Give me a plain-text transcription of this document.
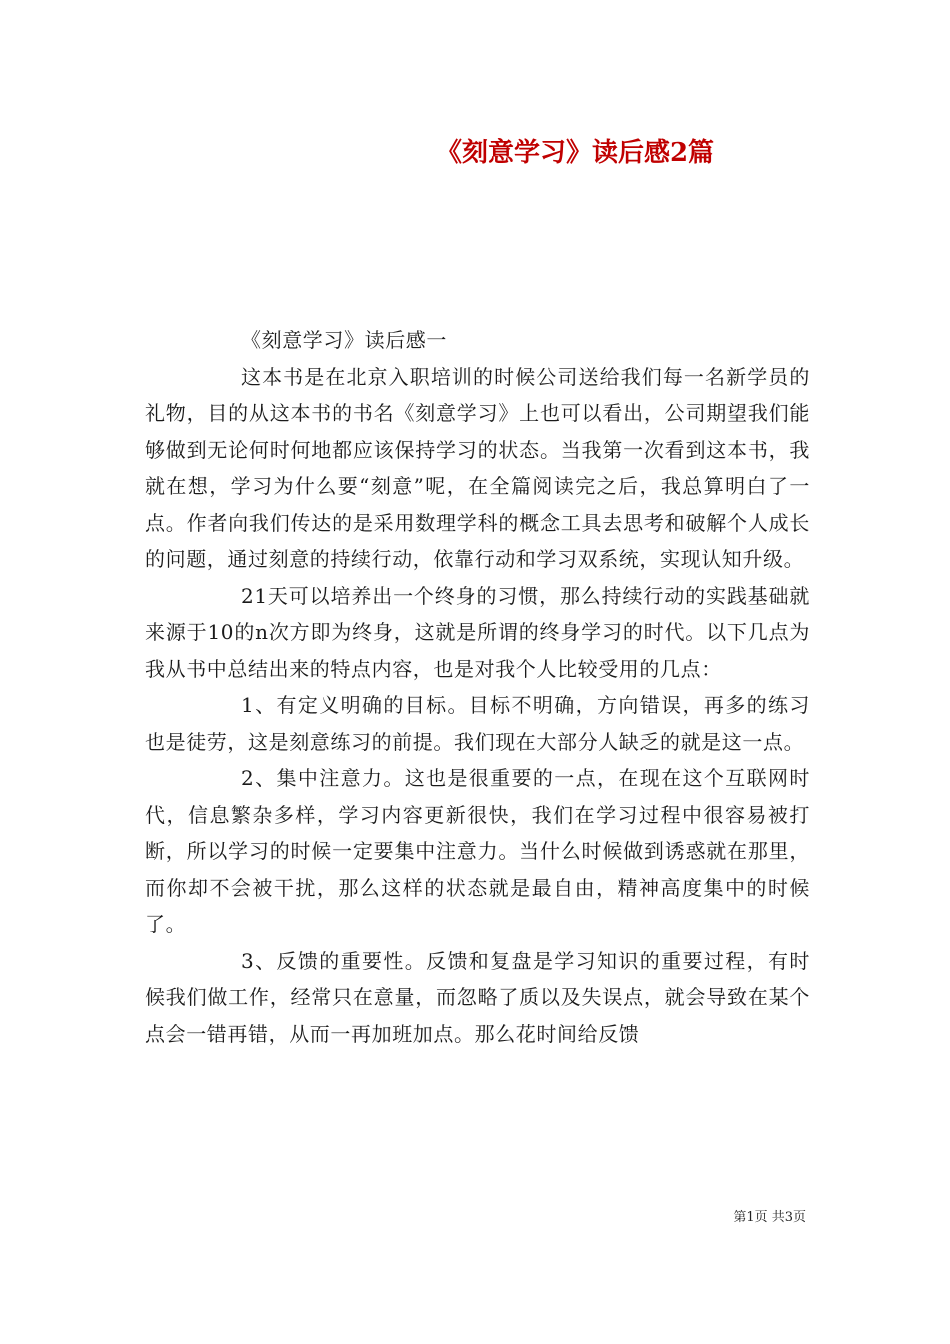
《刻意学习》读后感2篇

《刻意学习》读后感一

这本书是在北京入职培训的时候公司送给我们每一名新学员的礼物，目的从这本书的书名《刻意学习》上也可以看出，公司期望我们能够做到无论何时何地都应该保持学习的状态。当我第一次看到这本书，我就在想，学习为什么要“刻意”呢，在全篇阅读完之后，我总算明白了一点。作者向我们传达的是采用数理学科的概念工具去思考和破解个人成长的问题，通过刻意的持续行动，依靠行动和学习双系统，实现认知升级。

21天可以培养出一个终身的习惯，那么持续行动的实践基础就来源于10的n次方即为终身，这就是所谓的终身学习的时代。以下几点为我从书中总结出来的特点内容，也是对我个人比较受用的几点：

1、有定义明确的目标。目标不明确，方向错误，再多的练习也是徒劳，这是刻意练习的前提。我们现在大部分人缺乏的就是这一点。

2、集中注意力。这也是很重要的一点，在现在这个互联网时代，信息繁杂多样，学习内容更新很快，我们在学习过程中很容易被打断，所以学习的时候一定要集中注意力。当什么时候做到诱惑就在那里，而你却不会被干扰，那么这样的状态就是最自由，精神高度集中的时候了。

3、反馈的重要性。反馈和复盘是学习知识的重要过程，有时候我们做工作，经常只在意量，而忽略了质以及失误点，就会导致在某个点会一错再错，从而一再加班加点。那么花时间给反馈

第1页 共3页
